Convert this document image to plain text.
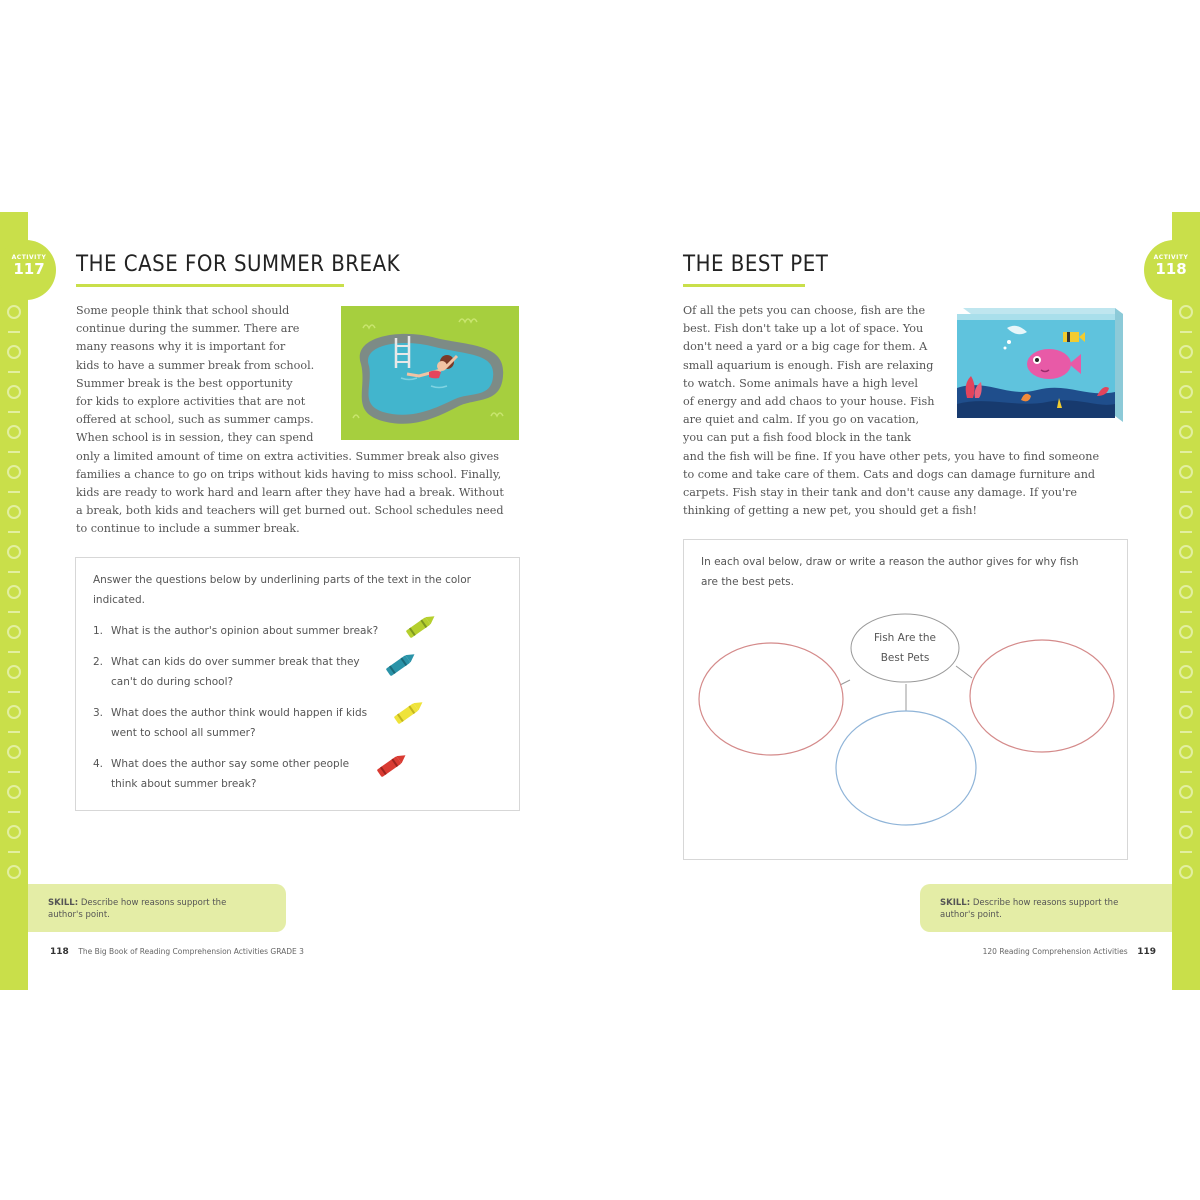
ACTIVITY
117
ACTIVITY
118
THE CASE FOR SUMMER BREAK
Some people think that school should
continue during the summer. There are
many reasons why it is important for
kids to have a summer break from school.
Summer break is the best opportunity
for kids to explore activities that are not
offered at school, such as summer camps.
When school is in session, they can spend
only a limited amount of time on extra activities. Summer break also gives
families a chance to go on trips without kids having to miss school. Finally,
kids are ready to work hard and learn after they have had a break. Without
a break, both kids and teachers will get burned out. School schedules need
to continue to include a summer break.
Answer the questions below by underlining parts of the text in the color
indicated.
1. What is the author's opinion about summer break?
2. What can kids do over summer break that they
can't do during school?
3. What does the author think would happen if kids
went to school all summer?
4. What does the author say some other people
think about summer break?
SKILL: Describe how reasons support the author's point.
118 The Big Book of Reading Comprehension Activities GRADE 3
THE BEST PET
Of all the pets you can choose, fish are the
best. Fish don't take up a lot of space. You
don't need a yard or a big cage for them. A
small aquarium is enough. Fish are relaxing
to watch. Some animals have a high level
of energy and add chaos to your house. Fish
are quiet and calm. If you go on vacation,
you can put a fish food block in the tank
and the fish will be fine. If you have other pets, you have to find someone
to come and take care of them. Cats and dogs can damage furniture and
carpets. Fish stay in their tank and don't cause any damage. If you're
thinking of getting a new pet, you should get a fish!
In each oval below, draw or write a reason the author gives for why fish
are the best pets.
Fish Are the
Best Pets
SKILL: Describe how reasons support the author's point.
120 Reading Comprehension Activities 119
